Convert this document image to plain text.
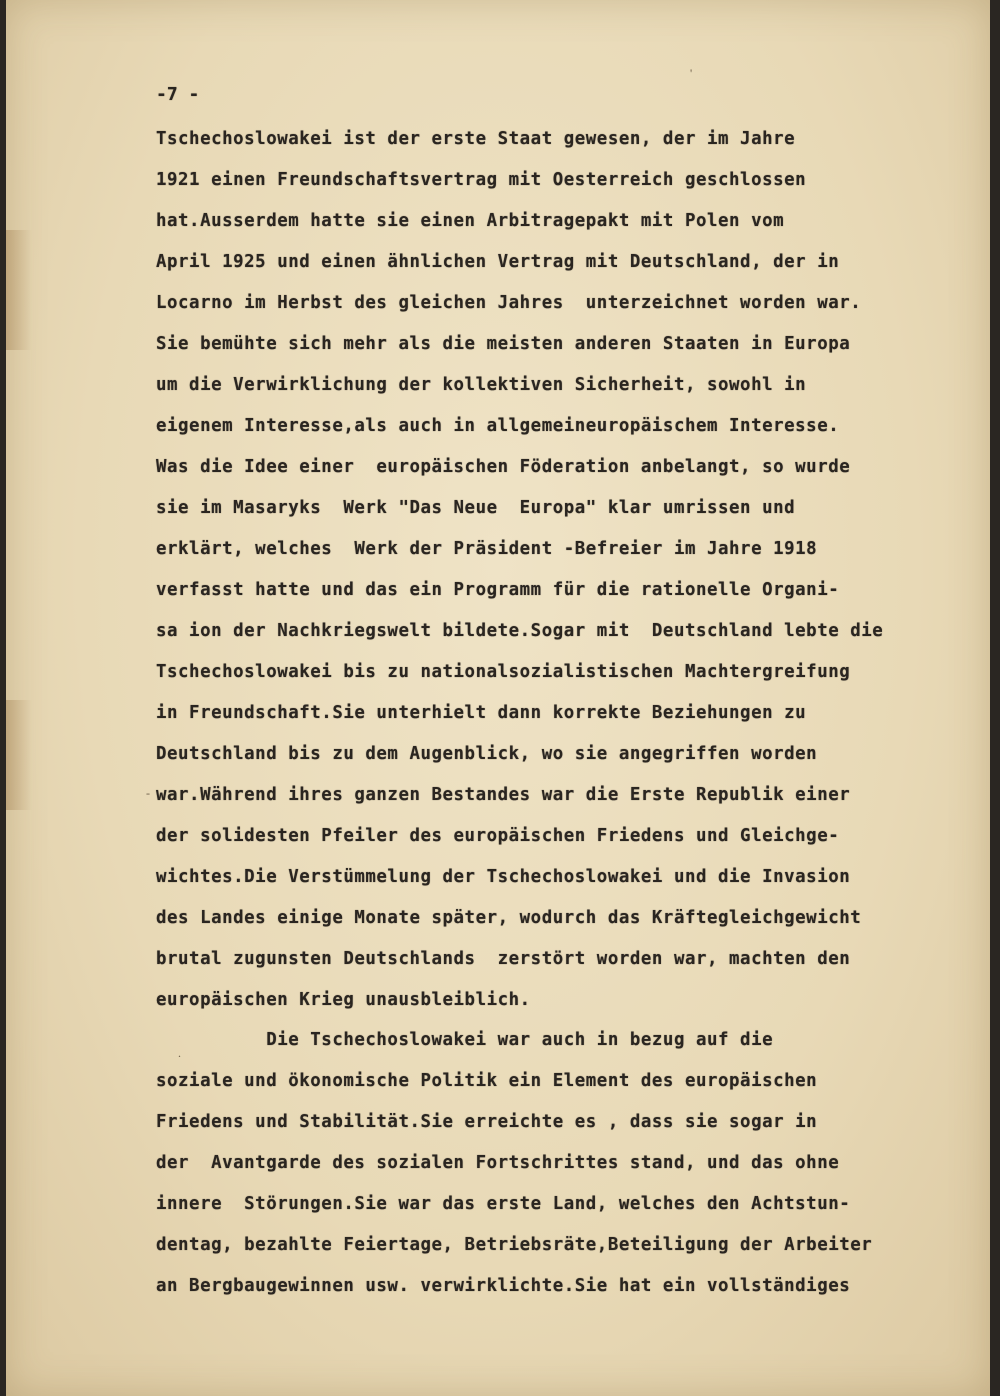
-7 -
Tschechoslowakei ist der erste Staat gewesen, der im Jahre
1921 einen Freundschaftsvertrag mit Oesterreich geschlossen
hat.Ausserdem hatte sie einen Arbitragepakt mit Polen vom
April 1925 und einen ähnlichen Vertrag mit Deutschland, der in
Locarno im Herbst des gleichen Jahres  unterzeichnet worden war.
Sie bemühte sich mehr als die meisten anderen Staaten in Europa
um die Verwirklichung der kollektiven Sicherheit, sowohl in
eigenem Interesse,als auch in allgemeineuropäischem Interesse.
Was die Idee einer  europäischen Föderation anbelangt, so wurde
sie im Masaryks  Werk "Das Neue  Europa" klar umrissen und
erklärt, welches  Werk der Präsident -Befreier im Jahre 1918
verfasst hatte und das ein Programm für die rationelle Organi-
sa ion der Nachkriegswelt bildete.Sogar mit  Deutschland lebte die
Tschechoslowakei bis zu nationalsozialistischen Machtergreifung
in Freundschaft.Sie unterhielt dann korrekte Beziehungen zu
Deutschland bis zu dem Augenblick, wo sie angegriffen worden
war.Während ihres ganzen Bestandes war die Erste Republik einer
der solidesten Pfeiler des europäischen Friedens und Gleichge-
wichtes.Die Verstümmelung der Tschechoslowakei und die Invasion
des Landes einige Monate später, wodurch das Kräftegleichgewicht
brutal zugunsten Deutschlands  zerstört worden war, machten den
europäischen Krieg unausbleiblich.
Die Tschechoslowakei war auch in bezug auf die
soziale und ökonomische Politik ein Element des europäischen
Friedens und Stabilität.Sie erreichte es , dass sie sogar in
der  Avantgarde des sozialen Fortschrittes stand, und das ohne
innere  Störungen.Sie war das erste Land, welches den Achtstun-
dentag, bezahlte Feiertage, Betriebsräte,Beteiligung der Arbeiter
an Bergbaugewinnen usw. verwirklichte.Sie hat ein vollständiges
'
-
.
